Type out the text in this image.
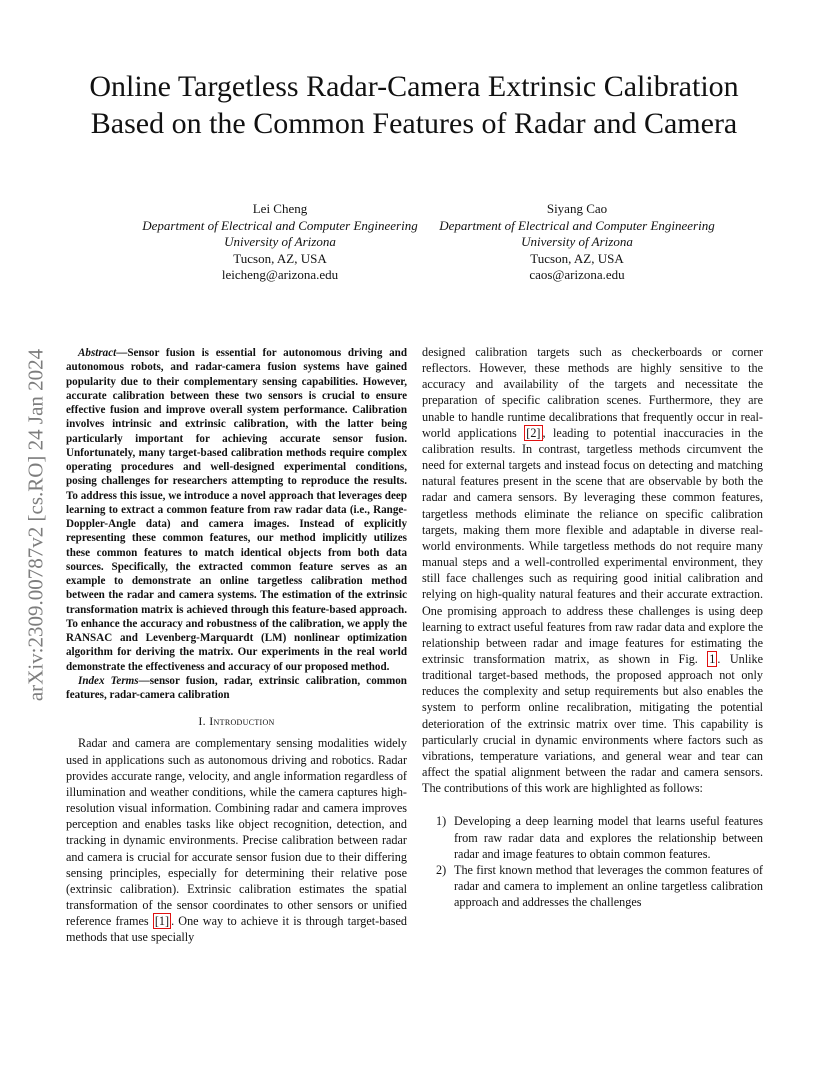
arXiv:2309.00787v2 [cs.RO] 24 Jan 2024
Online Targetless Radar-Camera Extrinsic Calibration Based on the Common Features of Radar and Camera
Lei Cheng
Department of Electrical and Computer Engineering
University of Arizona
Tucson, AZ, USA
leicheng@arizona.edu
Siyang Cao
Department of Electrical and Computer Engineering
University of Arizona
Tucson, AZ, USA
caos@arizona.edu

Abstract—Sensor fusion is essential for autonomous driving and autonomous robots, and radar-camera fusion systems have gained popularity due to their complementary sensing capabilities. However, accurate calibration between these two sensors is crucial to ensure effective fusion and improve overall system performance. Calibration involves intrinsic and extrinsic calibration, with the latter being particularly important for achieving accurate sensor fusion. Unfortunately, many target-based calibration methods require complex operating procedures and well-designed experimental conditions, posing challenges for researchers attempting to reproduce the results. To address this issue, we introduce a novel approach that leverages deep learning to extract a common feature from raw radar data (i.e., Range-Doppler-Angle data) and camera images. Instead of explicitly representing these common features, our method implicitly utilizes these common features to match identical objects from both data sources. Specifically, the extracted common feature serves as an example to demonstrate an online targetless calibration method between the radar and camera systems. The estimation of the extrinsic transformation matrix is achieved through this feature-based approach. To enhance the accuracy and robustness of the calibration, we apply the RANSAC and Levenberg-Marquardt (LM) nonlinear optimization algorithm for deriving the matrix. Our experiments in the real world demonstrate the effectiveness and accuracy of our proposed method.

Index Terms—sensor fusion, radar, extrinsic calibration, common features, radar-camera calibration

I. Introduction

Radar and camera are complementary sensing modalities widely used in applications such as autonomous driving and robotics. Radar provides accurate range, velocity, and angle information regardless of illumination and weather conditions, while the camera captures high-resolution visual information. Combining radar and camera improves perception and enables tasks like object recognition, detection, and tracking in dynamic environments. Precise calibration between radar and camera is crucial for accurate sensor fusion due to their differing sensing principles, especially for determining their relative pose (extrinsic calibration). Extrinsic calibration estimates the spatial transformation of the sensor coordinates to other sensors or unified reference frames [1] . One way to achieve it is through target-based methods that use specially

designed calibration targets such as checkerboards or corner reflectors. However, these methods are highly sensitive to the accuracy and availability of the targets and necessitate the preparation of specific calibration scenes. Furthermore, they are unable to handle runtime decalibrations that frequently occur in real-world applications [2] , leading to potential inaccuracies in the calibration results. In contrast, targetless methods circumvent the need for external targets and instead focus on detecting and matching natural features present in the scene that are observable by both the radar and camera sensors. By leveraging these common features, targetless methods eliminate the reliance on specific calibration targets, making them more flexible and adaptable in diverse real-world environments. While targetless methods do not require many manual steps and a well-controlled experimental environment, they still face challenges such as requiring good initial calibration and relying on high-quality natural features and their accurate extraction. One promising approach to address these challenges is using deep learning to extract useful features from raw radar data and explore the relationship between radar and image features for estimating the extrinsic transformation matrix, as shown in Fig. 1 . Unlike traditional target-based methods, the proposed approach not only reduces the complexity and setup requirements but also enables the system to perform online recalibration, mitigating the potential deterioration of the extrinsic matrix over time. This capability is particularly crucial in dynamic environments where factors such as vibrations, temperature variations, and general wear and tear can affect the spatial alignment between the radar and camera sensors. The contributions of this work are highlighted as follows:

1) Developing a deep learning model that learns useful features from raw radar data and explores the relationship between radar and image features to obtain common features.
2) The first known method that leverages the common features of radar and camera to implement an online targetless calibration approach and addresses the challenges
